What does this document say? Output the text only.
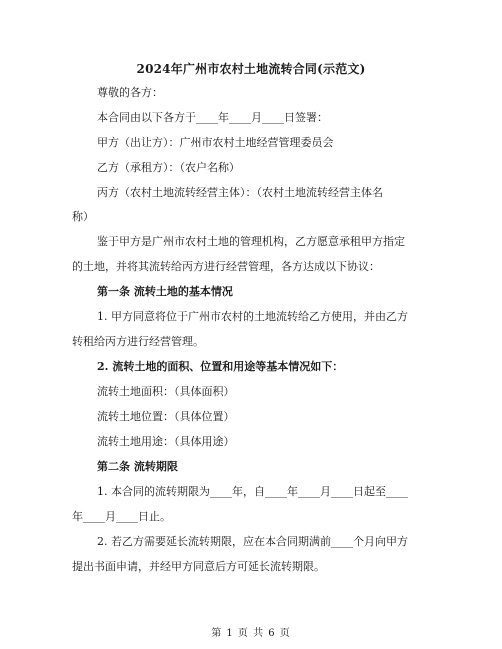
2024年广州市农村土地流转合同(示范文)
尊敬的各方：
本合同由以下各方于____年____月____日签署：
甲方（出让方）：广州市农村土地经营管理委员会
乙方（承租方）：（农户名称）
丙方（农村土地流转经营主体）：（农村土地流转经营主体名
称）
鉴于甲方是广州市农村土地的管理机构，乙方愿意承租甲方指定
的土地，并将其流转给丙方进行经营管理，各方达成以下协议：
第一条 流转土地的基本情况
1. 甲方同意将位于广州市农村的土地流转给乙方使用，并由乙方
转租给丙方进行经营管理。
2. 流转土地的面积、位置和用途等基本情况如下：
流转土地面积：（具体面积）
流转土地位置：（具体位置）
流转土地用途：（具体用途）
第二条 流转期限
1. 本合同的流转期限为____年，自____年____月____日起至____
年____月____日止。
2. 若乙方需要延长流转期限，应在本合同期满前____个月向甲方
提出书面申请，并经甲方同意后方可延长流转期限。
第 1 页 共 6 页
